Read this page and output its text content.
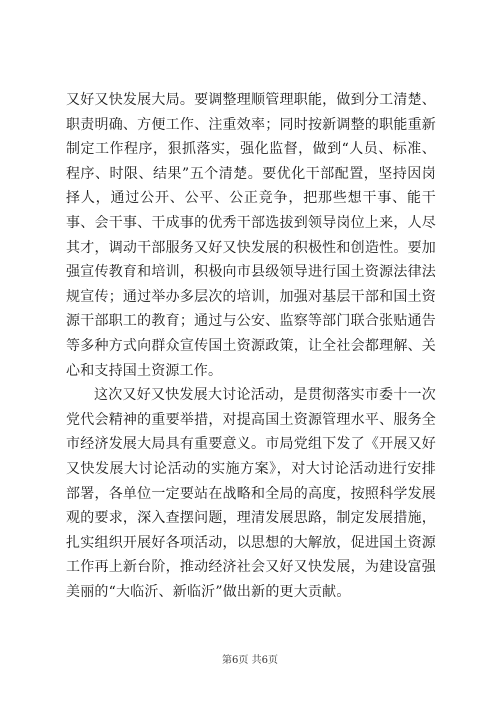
又好又快发展大局。要调整理顺管理职能，做到分工清楚、职责明确、方便工作、注重效率；同时按新调整的职能重新制定工作程序，狠抓落实，强化监督，做到“人员、标准、程序、时限、结果”五个清楚。要优化干部配置，坚持因岗择人，通过公开、公平、公正竞争，把那些想干事、能干事、会干事、干成事的优秀干部选拔到领导岗位上来，人尽其才，调动干部服务又好又快发展的积极性和创造性。要加强宣传教育和培训，积极向市县级领导进行国土资源法律法规宣传；通过举办多层次的培训，加强对基层干部和国土资源干部职工的教育；通过与公安、监察等部门联合张贴通告等多种方式向群众宣传国土资源政策，让全社会都理解、关心和支持国土资源工作。

这次又好又快发展大讨论活动，是贯彻落实市委十一次党代会精神的重要举措，对提高国土资源管理水平、服务全市经济发展大局具有重要意义。市局党组下发了《开展又好又快发展大讨论活动的实施方案》，对大讨论活动进行安排部署，各单位一定要站在战略和全局的高度，按照科学发展观的要求，深入查摆问题，理清发展思路，制定发展措施，扎实组织开展好各项活动，以思想的大解放，促进国土资源工作再上新台阶，推动经济社会又好又快发展，为建设富强美丽的“大临沂、新临沂”做出新的更大贡献。

第6页 共6页
